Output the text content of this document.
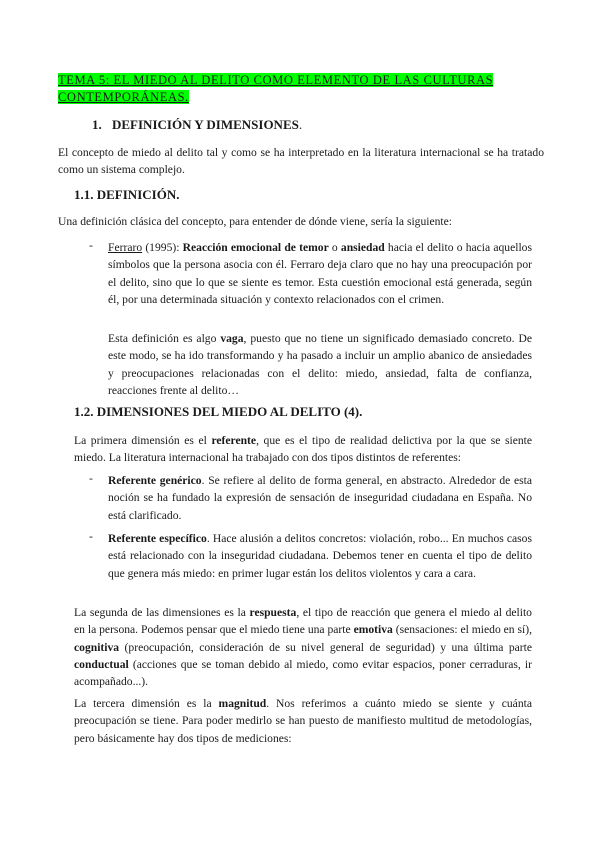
TEMA 5: EL MIEDO AL DELITO COMO ELEMENTO DE LAS CULTURAS CONTEMPORÁNEAS.
1. DEFINICIÓN Y DIMENSIONES.
El concepto de miedo al delito tal y como se ha interpretado en la literatura internacional se ha tratado como un sistema complejo.
1.1. DEFINICIÓN.
Una definición clásica del concepto, para entender de dónde viene, sería la siguiente:
- Ferraro (1995): Reacción emocional de temor o ansiedad hacia el delito o hacia aquellos símbolos que la persona asocia con él. Ferraro deja claro que no hay una preocupación por el delito, sino que lo que se siente es temor. Esta cuestión emocional está generada, según él, por una determinada situación y contexto relacionados con el crimen.
Esta definición es algo vaga, puesto que no tiene un significado demasiado concreto. De este modo, se ha ido transformando y ha pasado a incluir un amplio abanico de ansiedades y preocupaciones relacionadas con el delito: miedo, ansiedad, falta de confianza, reacciones frente al delito…
1.2. DIMENSIONES DEL MIEDO AL DELITO (4).
La primera dimensión es el referente, que es el tipo de realidad delictiva por la que se siente miedo. La literatura internacional ha trabajado con dos tipos distintos de referentes:
- Referente genérico. Se refiere al delito de forma general, en abstracto. Alrededor de esta noción se ha fundado la expresión de sensación de inseguridad ciudadana en España. No está clarificado.
- Referente específico. Hace alusión a delitos concretos: violación, robo... En muchos casos está relacionado con la inseguridad ciudadana. Debemos tener en cuenta el tipo de delito que genera más miedo: en primer lugar están los delitos violentos y cara a cara.
La segunda de las dimensiones es la respuesta, el tipo de reacción que genera el miedo al delito en la persona. Podemos pensar que el miedo tiene una parte emotiva (sensaciones: el miedo en sí), cognitiva (preocupación, consideración de su nivel general de seguridad) y una última parte conductual (acciones que se toman debido al miedo, como evitar espacios, poner cerraduras, ir acompañado...).
La tercera dimensión es la magnitud. Nos referimos a cuánto miedo se siente y cuánta preocupación se tiene. Para poder medirlo se han puesto de manifiesto multitud de metodologías, pero básicamente hay dos tipos de mediciones:
